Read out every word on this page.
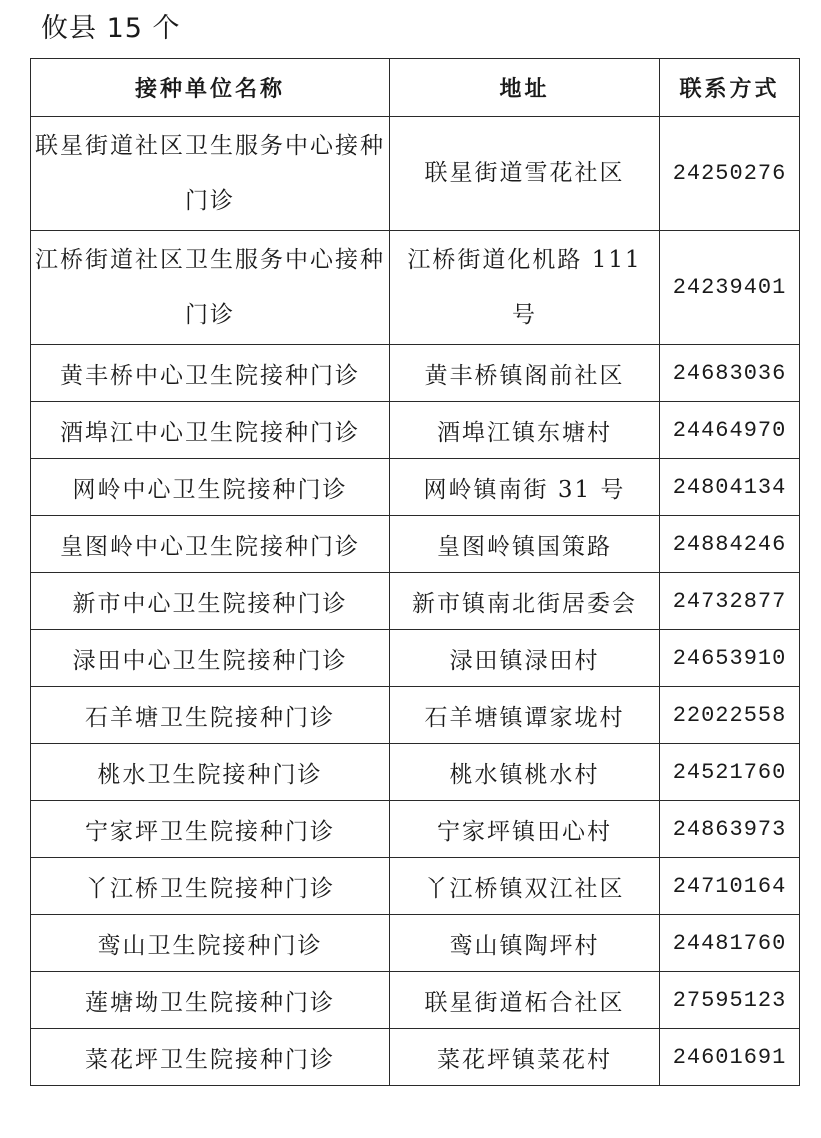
攸县 15 个
接种单位名称	地址	联系方式
联星街道社区卫生服务中心接种门诊	联星街道雪花社区	24250276
江桥街道社区卫生服务中心接种门诊	江桥街道化机路 111 号	24239401
黄丰桥中心卫生院接种门诊	黄丰桥镇阁前社区	24683036
酒埠江中心卫生院接种门诊	酒埠江镇东塘村	24464970
网岭中心卫生院接种门诊	网岭镇南街 31 号	24804134
皇图岭中心卫生院接种门诊	皇图岭镇国策路	24884246
新市中心卫生院接种门诊	新市镇南北街居委会	24732877
渌田中心卫生院接种门诊	渌田镇渌田村	24653910
石羊塘卫生院接种门诊	石羊塘镇谭家垅村	22022558
桃水卫生院接种门诊	桃水镇桃水村	24521760
宁家坪卫生院接种门诊	宁家坪镇田心村	24863973
丫江桥卫生院接种门诊	丫江桥镇双江社区	24710164
鸾山卫生院接种门诊	鸾山镇陶坪村	24481760
莲塘坳卫生院接种门诊	联星街道柘合社区	27595123
菜花坪卫生院接种门诊	菜花坪镇菜花村	24601691
